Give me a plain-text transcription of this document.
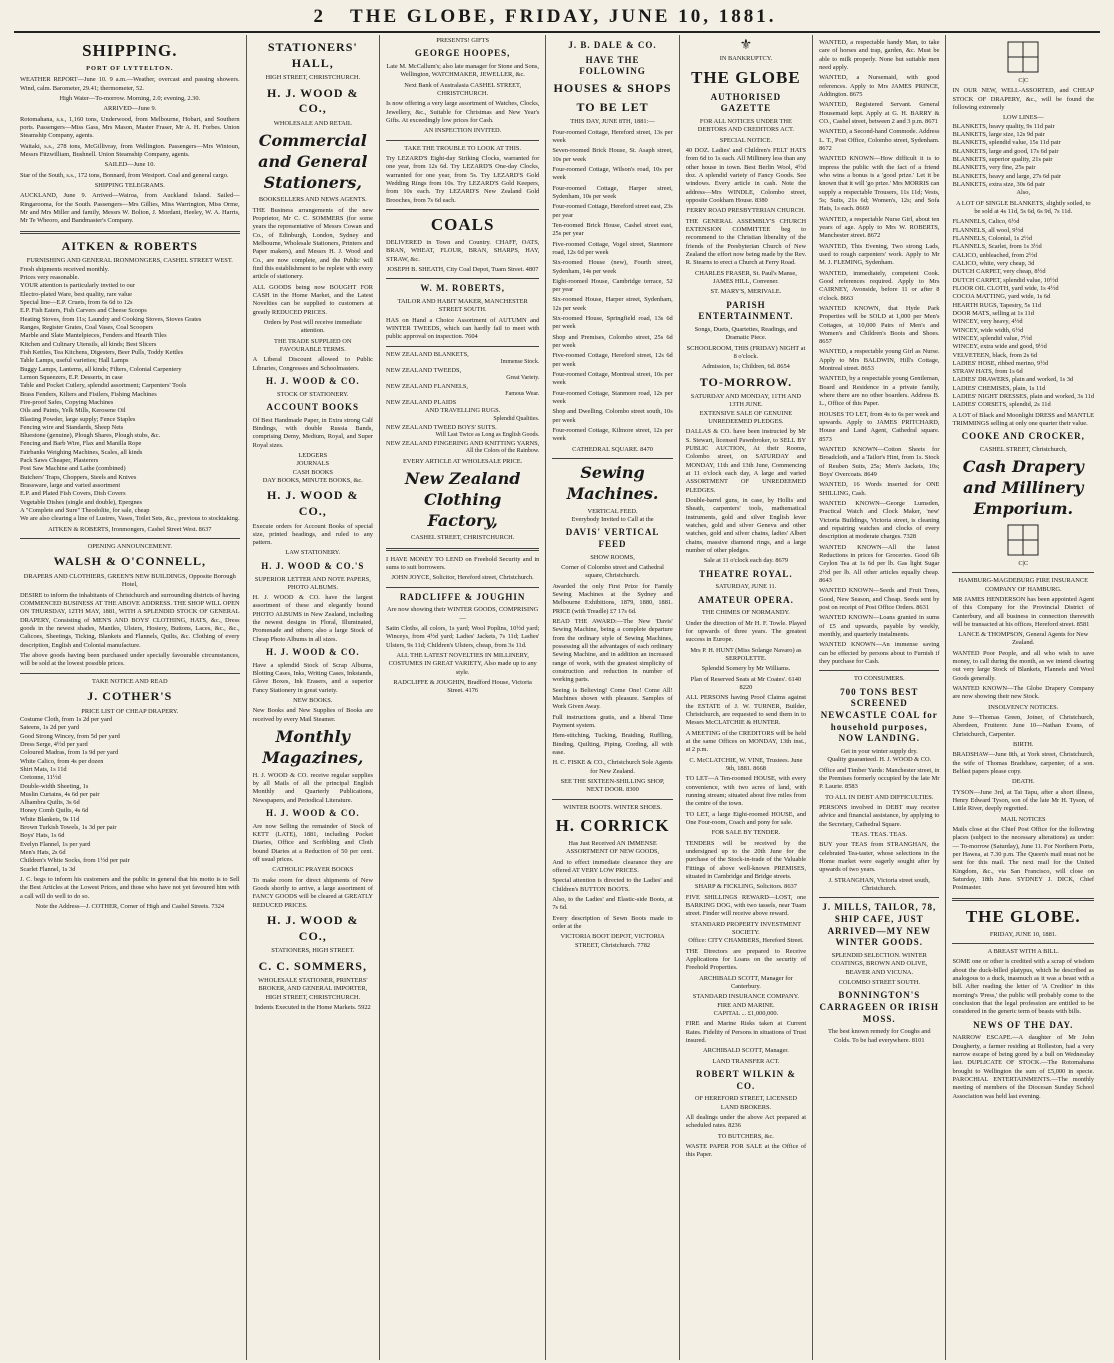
2 THE GLOBE, FRIDAY, JUNE 10, 1881.
SHIPPING.
PORT OF LYTTELTON.

WEATHER REPORT—June 10. 9 a.m.—Weather, overcast and passing showers. Wind, calm. Barometer, 29.41; thermometer, 52.

High Water—To-morrow. Morning, 2.0; evening, 2.30.

ARRIVED—June 9.

Rotomahana, s.s., 1,160 tons, Underwood, from Melbourne, Hobart, and Southern ports. Passengers—Miss Gass, Mrs Mason, Master Fraser, Mr A. H. Forbes. Union Steamship Company, agents.

Waitaki, s.s., 278 tons, McGillivray, from Wellington. Passengers—Mrs Wintoun, Messrs Fitzwilliam, Bushnell. Union Steamship Company, agents.

SAILED—June 10.

Star of the South, s.s., 172 tons, Bonnard, from Westport. Coal and general cargo.

SHIPPING TELEGRAMS.

AUCKLAND, June 9. Arrived—Wairoa, from Auckland Island. Sailed—Ringarooma, for the South. Passengers—Mrs Gillies, Miss Warrington, Miss Orme, Mr and Mrs Miller and family, Messrs W. Bolton, J. Mordant, Heeley, W. A. Harris, Mr Te Wheoro, and Bandmaster's Company.

AITKEN & ROBERTS
FURNISHING AND GENERAL IRONMONGERS, CASHEL STREET WEST.

Fresh shipments received monthly.

Prices very reasonable.

YOUR attention is particularly invited to our

Electro-plated Ware, best quality, rare value

Special line—E.P. Cruets, from 6s 6d to 12s

E.P. Fish Eaters, Fish Carvers and Cheese Scoops

Heating Stoves, from 11s; Laundry and Cooking Stoves, Stoves Grates

Ranges, Register Grates, Coal Vases, Coal Scoopers

Marble and Slate Mantelpieces, Fenders and Hearth Tiles

Kitchen and Culinary Utensils, all kinds; Best Slicers

Fish Kettles, Tea Kitchens, Digesters, Beer Pulls, Toddy Kettles

Table Lamps, useful varieties; Hall Lamps

Buggy Lamps, Lanterns, all kinds; Filters, Colonial Carpentery

Lemon Squeezers, E.P. Desserts, in case

Table and Pocket Cutlery, splendid assortment; Carpenters' Tools

Brass Fenders, Kilters and Fisilers, Fishing Machines

Fire-proof Safes, Copying Machines

Oils and Paints, Yelk Mills, Kerosene Oil

Blasting Powder, large supply; Fence Staples

Fencing wire and Standards, Sheep Nets

Bluestone (genuine), Plough Shares, Plough stubs, &c.

Fencing and Barb Wire, Flax and Manilla Rope

Fairbanks Weighing Machines, Scales, all kinds

Pack Saws Cheaper, Plasterers

Post Saw Machine and Lathe (combined)

Butchers' Traps, Choppers, Steels and Knives

Brassware, large and varied assortment

E.P. and Plated Fish Covers, Dish Covers

Vegetable Dishes (single and double), Epergnes

A "Complete and Sure" Theodolite, for sale, cheap

We are also clearing a line of Lustres, Vases, Toilet Sets, &c., previous to stocktaking.

AITKEN & ROBERTS, Ironmongers, Cashel Street West. 8637

OPENING ANNOUNCEMENT.
WALSH & O'CONNELL,
DRAPERS AND CLOTHIERS, GREEN'S NEW BUILDINGS, Opposite Borough Hotel,

DESIRE to inform the inhabitants of Christchurch and surrounding districts of having COMMENCED BUSINESS AT THE ABOVE ADDRESS. THE SHOP WILL OPEN ON THURSDAY, 12TH MAY, 1881, WITH A SPLENDID STOCK OF GENERAL DRAPERY, Consisting of MEN'S AND BOYS' CLOTHING, HATS, &c., Dress goods in the newest shades, Mantles, Ulsters, Hosiery, Buttons, Laces, &c., &c., Calicoes, Sheetings, Ticking, Blankets and Flannels, Quilts, &c. Clothing of every description, English and Colonial manufacture.

The above goods having been purchased under specially favourable circumstances, will be sold at the lowest possible prices.

TAKE NOTICE AND READ
J. COTHER'S
PRICE LIST OF CHEAP DRAPERY.

Costume Cloth, from 1s 2d per yard

Sateens, 1s 2d per yard

Good Strong Wincey, from 5d per yard

Dress Serge, 4½d per yard

Coloured Madras, from 1s 9d per yard

White Calico, from 4s per dozen

Shirt Mats, 1s 11d

Cretonne, 11½d

Double-width Sheeting, 1s

Muslin Curtains, 4s 6d per pair

Alhambra Quilts, 3s 6d

Honey Comb Quilts, 4s 6d

White Blankets, 9s 11d

Brown Turkish Towels, 1s 3d per pair

Boys' Hats, 1s 6d

Evelyn Flannel, 1s per yard

Men's Hats, 2s 6d

Children's White Socks, from 1½d per pair

Scarlet Flannel, 1s 3d

J. C. begs to inform his customers and the public in general that his motto is to Sell the Best Articles at the Lowest Prices, and those who have not yet favoured him with a call will do well to do so.

Note the Address—J. COTHER, Corner of High and Cashel Streets. 7324

STATIONERS' HALL,
HIGH STREET, CHRISTCHURCH.
H. J. WOOD & CO.,
WHOLESALE AND RETAIL
Commercial and General Stationers,
BOOKSELLERS AND NEWS AGENTS.

THE Business arrangements of the new Proprietor, Mr C. C. SOMMERS (for some years the representative of Messrs Cowan and Co., of Edinburgh, London, Sydney and Melbourne, Wholesale Stationers, Printers and Paper makers), and Messrs H. J. Wood and Co., are now complete, and the Public will find this establishment to be replete with every article of stationery.

ALL GOODS being now BOUGHT FOR CASH in the Home Market, and the Latest Novelties can be supplied to customers at greatly REDUCED PRICES.

Orders by Post will receive immediate attention.

THE TRADE SUPPLIED ON FAVOURABLE TERMS.

A Liberal Discount allowed to Public Libraries, Congresses and Schoolmasters.

H. J. WOOD & CO.
STOCK OF STATIONERY.
ACCOUNT BOOKS

Of Best Handmade Paper, in Extra strong Calf Bindings, with double Russia Bands, comprising Demy, Medium, Royal, and Super Royal sizes.

LEDGERS
JOURNALS
CASH BOOKS
DAY BOOKS, MINUTE BOOKS, &c.
H. J. WOOD & CO.,

Execute orders for Account Books of special size, printed headings, and ruled to any pattern.

LAW STATIONERY.
H. J. WOOD & CO.'S
SUPERIOR LETTER AND NOTE PAPERS,
PHOTO ALBUMS.

H. J. WOOD & CO. have the largest assortment of these and elegantly bound PHOTO ALBUMS in New Zealand, including the newest designs in Floral, Illuminated, Promenade and others; also a large Stock of Cheap Photo Albums in all sizes.

H. J. WOOD & CO.

Have a splendid Stock of Scrap Albums, Blotting Cases, Inks, Writing Cases, Inkstands, Glove Boxes, Ink Erasers, and a superior Fancy Stationery in great variety.

NEW BOOKS.

New Books and New Supplies of Books are received by every Mail Steamer.

Monthly Magazines,

H. J. WOOD & CO. receive regular supplies by all Mails of all the principal English Monthly and Quarterly Publications, Newspapers, and Periodical Literature.

H. J. WOOD & CO.

Are now Selling the remainder of Stock of KETT (LATE), 1881, including Pocket Diaries, Office and Scribbling and Cloth bound Diaries at a Reduction of 50 per cent. off usual prices.

CATHOLIC PRAYER BOOKS

To make room for direct shipments of New Goods shortly to arrive, a large assortment of FANCY GOODS will be cleared at GREATLY REDUCED PRICES.

H. J. WOOD & CO.,
STATIONERS, HIGH STREET.
C. C. SOMMERS,
WHOLESALE STATIONER, PRINTERS' BROKER, AND GENERAL IMPORTER, HIGH STREET, CHRISTCHURCH.

Indents Executed in the Home Markets. 5922

PRESENTS! GIFTS
GEORGE HOOPES,

Late M. McCallum's; also late manager for Stone and Sons, Wellington, WATCHMAKER, JEWELLER, &c.

Next Bank of Australasia CASHEL STREET, CHRISTCHURCH.

Is now offering a very large assortment of Watches, Clocks, Jewellery, &c., Suitable for Christmas and New Year's Gifts. At exceedingly low prices for Cash.

AN INSPECTION INVITED.

TAKE THE TROUBLE TO LOOK AT THIS.

Try LEZARD'S Eight-day Striking Clocks, warranted for one year, from 12s 6d. Try LEZARD'S One-day Clocks, warranted for one year, from 5s. Try LEZARD'S Gold Wedding Rings from 10s. Try LEZARD'S Gold Keepers, from 10s each. Try LEZARD'S New Zealand Gold Brooches, from 7s 6d each.

COALS

DELIVERED in Town and Country. CHAFF, OATS, BRAN, WHEAT, FLOUR, BRAN, SHARPS, HAY, STRAW, &c.

JOSEPH B. SHEATH, City Coal Depot, Tuam Street. 4807

W. M. ROBERTS,
TAILOR AND HABIT MAKER, MANCHESTER STREET SOUTH.

HAS on Hand a Choice Assortment of AUTUMN and WINTER TWEEDS, which can hardly fail to meet with public approval on inspection. 7604

NEW ZEALAND BLANKETS,
Immense Stock.
NEW ZEALAND TWEEDS,
Great Variety.
NEW ZEALAND FLANNELS,
Famous Wear.
NEW ZEALAND PLAIDS
AND TRAVELLING RUGS.
Splendid Qualities.
NEW ZEALAND TWEED BOYS' SUITS.
Will Last Twice as Long as English Goods.
NEW ZEALAND FINGERING AND KNITTING YARNS,
All the Colors of the Rainbow.

EVERY ARTICLE AT WHOLESALE PRICE.

New Zealand Clothing Factory,
CASHEL STREET, CHRISTCHURCH.

I HAVE MONEY TO LEND on Freehold Security and in sums to suit borrowers.

JOHN JOYCE, Solicitor, Hereford street, Christchurch.

RADCLIFFE & JOUGHIN
Are now showing their WINTER GOODS, COMPRISING—

Satin Cloths, all colors, 1s yard; Wool Poplins, 10½d yard; Winceys, from 4½d yard; Ladies' Jackets, 7s 11d; Ladies' Ulsters, 9s 11d; Children's Ulsters, cheap, from 3s 11d.

ALL THE LATEST NOVELTIES IN MILLINERY, COSTUMES IN GREAT VARIETY, Also made up to any style.

RADCLIFFE & JOUGHIN, Bradford House, Victoria Street. 4176

J. B. DALE & CO.
HAVE THE FOLLOWING
HOUSES & SHOPS
TO BE LET
THIS DAY, JUNE 8TH, 1881:—

Four-roomed Cottage, Hereford street, 13s per week

Seven-roomed Brick House, St. Asaph street, 10s per week

Four-roomed Cottage, Wilson's road, 10s per week

Four-roomed Cottage, Harper street, Sydenham, 10s per week

Four-roomed Cottage, Hereford street east, 23s per year

Ten-roomed Brick House, Cashel street east, 25s per year

Five-roomed Cottage, Vogel street, Stanmore road, 12s 6d per week

Six-roomed House (new), Fourth street, Sydenham, 14s per week

Eight-roomed House, Cambridge terrace, 52 per year

Six-roomed House, Harper street, Sydenham, 12s per week

Six-roomed House, Springfield road, 13s 6d per week

Shop and Premises, Colombo street, 25s 6d per week

Five-roomed Cottage, Hereford street, 12s 6d per week

Four-roomed Cottage, Montreal street, 10s per week

Four-roomed Cottage, Stanmore road, 12s per week

Shop and Dwelling, Colombo street south, 10s per week

Four-roomed Cottage, Kilmore street, 12s per week

CATHEDRAL SQUARE. 8470
Sewing Machines.
VERTICAL FEED.
Everybody Invited to Call at the
DAVIS' VERTICAL FEED
SHOW ROOMS,

Corner of Colombo street and Cathedral square, Christchurch.

Awarded the only First Prize for Family Sewing Machines at the Sydney and Melbourne Exhibitions, 1879, 1880, 1881. PRICE (with Treadle) £7 17s 6d.

READ THE AWARD:—The New 'Davis' Sewing Machine, being a complete departure from the ordinary style of Sewing Machines, possessing all the advantages of each ordinary Sewing Machine, and in addition an increased range of work, with the greatest simplicity of construction and reduction in number of working parts.

Seeing is Believing! Come One! Come All! Machines shown with pleasure. Samples of Work Given Away.

Full instructions gratis, and a liberal Time Payment system.

Hem-stitching, Tucking, Braiding, Ruffling, Binding, Quilting, Piping, Cording, all with ease.

H. C. FISKE & CO., Christchurch Sole Agents for New Zealand.

SEE THE SIXTEEN-SHILLING SHOP, NEXT DOOR. 8300

WINTER BOOTS. WINTER SHOES.
H. CORRICK

Has Just Received AN IMMENSE ASSORTMENT OF NEW GOODS,

And to effect immediate clearance they are offered AT VERY LOW PRICES.

Special attention is directed to the Ladies' and Children's BUTTON BOOTS.

Also, to the Ladies' and Elastic-side Boots, at 7s 6d.

Every description of Sewn Boots made to order at the

VICTORIA BOOT DEPOT, VICTORIA STREET, Christchurch. 7782

⚜
IN BANKRUPTCY.
THE GLOBE
AUTHORISED GAZETTE

FOR ALL NOTICES UNDER THE DEBTORS AND CREDITORS ACT.

SPECIAL NOTICE.

40 DOZ. Ladies' and Children's FELT HATS from 6d to 1s each. All Millinery less than any other house in town. Best Berlin Wool, 4½d doz. A splendid variety of Fancy Goods. See windows. Every article in cash. Note the address—Mrs WINDLE, Colombo street, opposite Cookham House. 8380

FERRY ROAD PRESBYTERIAN CHURCH.

THE GENERAL ASSEMBLY'S CHURCH EXTENSION COMMITTEE beg to recommend to the Christian liberality of the friends of the Presbyterian Church of New Zealand the effort now being made by the Rev. R. Stearns to erect a Church at Ferry Road.

CHARLES FRASER, St. Paul's Manse, JAMES HILL, Convener.

ST. MARY'S, MERIVALE.
PARISH ENTERTAINMENT.

Songs, Duets, Quartettes, Readings, and Dramatic Piece.

SCHOOLROOM, THIS (FRIDAY) NIGHT at 8 o'clock.

Admission, 1s; Children, 6d. 8654

TO-MORROW.
SATURDAY AND MONDAY, 11TH AND 13TH JUNE.
EXTENSIVE SALE OF GENUINE UNREDEEMED PLEDGES.

DALLAS & CO. have been instructed by Mr S. Stewart, licensed Pawnbroker, to SELL BY PUBLIC AUCTION, At their Rooms, Colombo street, on SATURDAY and MONDAY, 11th and 13th June, Commencing at 11 o'clock each day, A large and varied ASSORTMENT OF UNREDEEMED PLEDGES.

Double-barrel guns, in case, by Hollis and Sheath, carpenters' tools, mathematical instruments, gold and silver English lever watches, gold and silver Geneva and other watches, gold and silver chains, ladies' Albert chains, massive diamond rings, and a large number of other pledges.

Sale at 11 o'clock each day. 8679

THEATRE ROYAL.
SATURDAY, JUNE 11.
AMATEUR OPERA.
THE CHIMES OF NORMANDY.

Under the direction of Mr H. F. Towle. Played for upwards of three years. The greatest success in Europe.

Mrs P. H. HUNT (Miss Solange Navaro) as SERPOLETTE.

Splendid Scenery by Mr Williams.

Plan of Reserved Seats at Mr Coates'. 6140 8220

ALL PERSONS having Proof Claims against the ESTATE of J. W. TURNER, Builder, Christchurch, are requested to send them in to Messrs McCLATCHIE & HUNTER.

A MEETING of the CREDITORS will be held at the same Offices on MONDAY, 13th inst., at 2 p.m.

C. McCLATCHIE, W. VINE, Trustees. June 9th, 1881. 8668

TO LET—A Ten-roomed HOUSE, with every convenience, with two acres of land, with running stream; situated about five miles from the centre of the town.

TO LET, a large Eight-roomed HOUSE, and One Four-room, Coach and pony for sale.

FOR SALE BY TENDER.

TENDERS will be received by the undersigned up to the 20th June for the purchase of the Stock-in-trade of the Valuable Fittings of above well-known PREMISES, situated in Cambridge and Bridge streets.

SHARP & FICKLING, Solicitors. 8637

FIVE SHILLINGS REWARD—LOST, one BARKING DOG, with two tassels, near Tuam street. Finder will receive above reward.

STANDARD PROPERTY INVESTMENT SOCIETY.
Office: CITY CHAMBERS, Hereford Street.

THE Directors are prepared to Receive Applications for Loans on the security of Freehold Properties.

ARCHIBALD SCOTT, Manager for Canterbury.

STANDARD INSURANCE COMPANY.
FIRE AND MARINE.
CAPITAL ... £1,000,000.

FIRE and Marine Risks taken at Current Rates. Fidelity of Persons in situations of Trust insured.

ARCHIBALD SCOTT, Manager.

LAND TRANSFER ACT.
ROBERT WILKIN & CO.
OF HEREFORD STREET, LICENSED LAND BROKERS.

All dealings under the above Act prepared at scheduled rates. 8236

TO BUTCHERS, &c.

WASTE PAPER FOR SALE at the Office of this Paper.

WANTED, a respectable handy Man, to take care of horses and trap, garden, &c. Must be able to milk properly. None but suitable men need apply.

WANTED, a Nursemaid, with good references. Apply to Mrs JAMES PRINCE, Addington. 8675

WANTED, Registered Servant. General Housemaid kept. Apply at G. H. BARRY & CO., Cashel street, between 2 and 3 p.m. 8671

WANTED, a Second-hand Commode. Address L. T., Post Office, Colombo street, Sydenham. 8672

WANTED KNOWN—How difficult it is to impress the public with the fact of a friend who wins a bonus is a 'good prize.' Let it be known that it will 'go prize.' Mrs MORRIS can supply a respectable Trousers, 11s 11d; Vests, 5s; Suits, 21s 6d; Women's, 12s; and Sofa Hats, 1s each. 8669

WANTED, a respectable Nurse Girl, about ten years of age. Apply to Mrs W. ROBERTS, Manchester street. 8672

WANTED, This Evening, Two strong Lads, used to rough carpenters' work. Apply to Mr M. J. FLEMING, Sydenham.

WANTED, immediately, competent Cook. Good references required. Apply to Mrs CAIRNEY, Avonside, before 11 or after 8 o'clock. 8663

WANTED KNOWN, that Hyde Park Properties will be SOLD at 1,000 per Men's Cottages, at 10,000 Pairs of Men's and Women's and Children's Boots and Shoes. 8657

WANTED, a respectable young Girl as Nurse. Apply to Mrs BALDWIN, Hill's Cottage, Montreal street. 8653

WANTED, by a respectable young Gentleman, Board and Residence in a private family, where there are no other boarders. Address B. L., Office of this Paper.

HOUSES TO LET, from 4s to 6s per week and upwards. Apply to JAMES PRITCHARD, House and Land Agent, Cathedral square. 8573

WANTED KNOWN—Cotton Sheets for Broadcloth, and a Tailor's Hint, from 1s. Stock of Reuben Suits, 25s; Men's Jackets, 10s; Boys' Overcoats. 8649

WANTED, 16 Words inserted for ONE SHILLING, Cash.

WANTED KNOWN—George Lumsden, Practical Watch and Clock Maker, 'new' Victoria Buildings, Victoria street, is cleaning and repairing watches and clocks of every description at moderate charges. 7328

WANTED KNOWN—All the latest Reductions in prices for Groceries. Good 6lb Ceylon Tea at 1s 6d per lb. Gas light Sugar 2½d per lb. All other articles equally cheap. 8643

WANTED KNOWN—Seeds and Fruit Trees, Good, New Season, and Cheap. Seeds sent by post on receipt of Post Office Orders. 8631

WANTED KNOWN—Loans granted in sums of £5 and upwards, payable by weekly, monthly, and quarterly instalments.

WANTED KNOWN—An immense saving can be effected by persons about to Furnish if they purchase for Cash.

TO CONSUMERS.
700 TONS BEST SCREENED NEWCASTLE COAL for household purposes, NOW LANDING.
Get in your winter supply dry.
Quality guaranteed. H. J. WOOD & CO.

Office and Timber Yards: Manchester street, in the Premises formerly occupied by the late Mr P. Laurie. 8583

TO ALL IN DEBT AND DIFFICULTIES.

PERSONS involved in DEBT may receive advice and financial assistance, by applying to the Secretary, Cathedral Square.

TEAS. TEAS. TEAS.

BUY your TEAS from STRANGHAN, the celebrated Tea-taster, whose selections in the Home market were eagerly sought after by upwards of two years.

J. STRANGHAN, Victoria street south, Christchurch.

J. MILLS, TAILOR, 78, SHIP CAFE, JUST ARRIVED—MY NEW WINTER GOODS.

SPLENDID SELECTION. WINTER COATINGS, BROWN AND OLIVE, BEAVER AND VICUNA.

COLOMBO STREET SOUTH.
BONNINGTON'S CARRAGEEN OR IRISH MOSS.

The best known remedy for Coughs and Colds. To be had everywhere. 8101

C|C

IN OUR NEW, WELL-ASSORTED, and CHEAP STOCK OF DRAPERY, &c., will be found the following extremely

LOW LINES—

BLANKETS, heavy quality, 9s 11d pair

BLANKETS, large size, 12s 9d pair

BLANKETS, splendid value, 15s 11d pair

BLANKETS, large and good, 17s 6d pair

BLANKETS, superior quality, 21s pair

BLANKETS, very fine, 25s pair

BLANKETS, heavy and large, 27s 6d pair

BLANKETS, extra size, 30s 6d pair

Also,

A LOT OF SINGLE BLANKETS, slightly soiled, to be sold at 4s 11d, 5s 6d, 6s 9d, 7s 11d.

FLANNELS, Calico, 6½d

FLANNELS, all wool, 9½d

FLANNELS, Colonial, 1s 2½d

FLANNELS, Scarlet, from 1s 3½d

CALICO, unbleached, from 2½d

CALICO, white, very cheap, 3d

DUTCH CARPET, very cheap, 8½d

DUTCH CARPET, splendid value, 10½d

FLOOR OIL CLOTH, yard wide, 1s 4½d

COCOA MATTING, yard wide, 1s 6d

HEARTH RUGS, Tapestry, 5s 11d

DOOR MATS, selling at 1s 11d

WINCEY, very heavy, 4½d

WINCEY, wide width, 6½d

WINCEY, splendid value, 7½d

WINCEY, extra wide and good, 9½d

VELVETEEN, black, from 2s 6d

LADIES' HOSE, ribbed merino, 9½d

STRAW HATS, from 1s 6d

LADIES' DRAWERS, plain and worked, 1s 3d

LADIES' CHEMISES, plain, 1s 11d

LADIES' NIGHT DRESSES, plain and worked, 3s 11d

LADIES' CORSETS, splendid, 2s 11d

A LOT of Black and Moonlight DRESS and MANTLE TRIMMINGS selling at only one quarter their value.

COOKE AND CROCKER,
CASHEL STREET, Christchurch,
Cash Drapery and Millinery Emporium.
C|C
HAMBURG-MAGDEBURG FIRE INSURANCE COMPANY OF HAMBURG.

MR JAMES HENDERSON has been appointed Agent of this Company for the Provincial District of Canterbury, and all business in connection therewith will be transacted at his offices, Hereford street. 8581

LANCE & THOMPSON, General Agents for New Zealand.

WANTED Poor People, and all who wish to save money, to call during the month, as we intend clearing out very large Stock of Blankets, Flannels and Wool Goods generally.

WANTED KNOWN—The Globe Drapery Company are now showing their new Stock.

INSOLVENCY NOTICES.

June 9—Thomas Green, Joiner, of Christchurch, Aberdeen, Fruiterer. June 10—Nathan Evans, of Christchurch, Carpenter.

BIRTH.

BRADSHAW—June 8th, at York street, Christchurch, the wife of Thomas Bradshaw, carpenter, of a son. Belfast papers please copy.

DEATH.

TYSON—June 3rd, at Tai Tapu, after a short illness, Henry Edward Tyson, son of the late Mr H. Tyson, of Little River, deeply regretted.

MAIL NOTICES

Mails close at the Chief Post Office for the following places (subject to the necessary alterations) as under:— To-morrow (Saturday), June 11. For Northern Ports, per Hawea, at 7.30 p.m. The Queen's mail must not be sent for this mail. The next mail for the United Kingdom, &c., via San Francisco, will close on Saturday, 18th June. SYDNEY J. DICK, Chief Postmaster.

THE GLOBE.
FRIDAY, JUNE 10, 1881.
A BREAST WITH A BILL.

SOME one or other is credited with a scrap of wisdom about the duck-billed platypus, which he described as analogous to a duck, inasmuch as it was a beast with a bill. After reading the letter of 'A Creditor' in this morning's 'Press,' the public will probably come to the conclusion that the legal profession are entitled to be considered in the generic term of beasts with bills.

NEWS OF THE DAY.

NARROW ESCAPE.—A daughter of Mr John Dougherty, a farmer residing at Rolleston, had a very narrow escape of being gored by a bull on Wednesday last. DUPLICATE OF STOCK.—The Rotomahana brought to Wellington the sum of £5,000 in specie. PAROCHIAL ENTERTAINMENTS.—The monthly meeting of members of the Diocesan Sunday School Association was held last evening.
